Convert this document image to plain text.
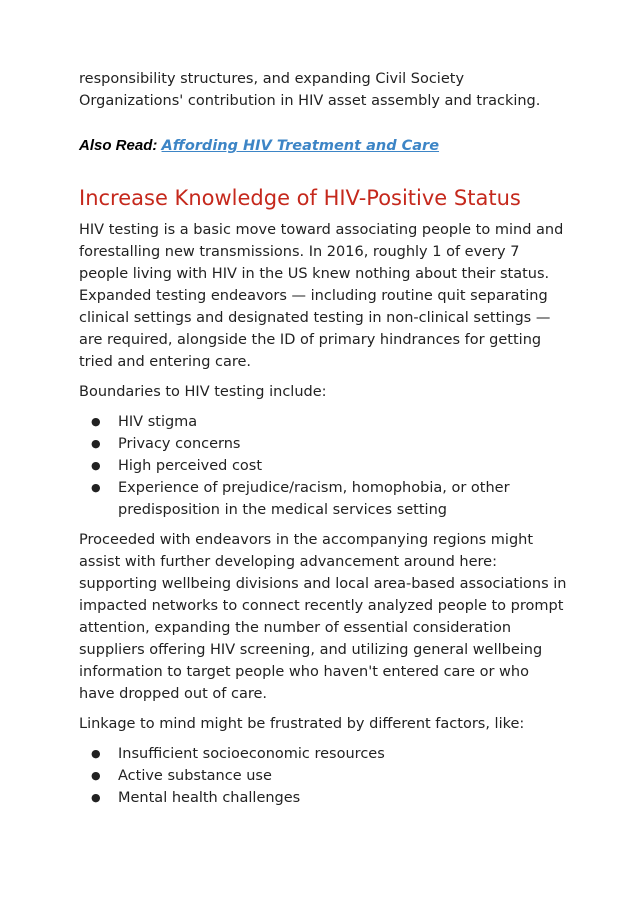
responsibility structures, and expanding Civil Society
Organizations' contribution in HIV asset assembly and tracking.

Also Read: Affording HIV Treatment and Care

Increase Knowledge of HIV-Positive Status

HIV testing is a basic move toward associating people to mind and
forestalling new transmissions. In 2016, roughly 1 of every 7
people living with HIV in the US knew nothing about their status.
Expanded testing endeavors — including routine quit separating
clinical settings and designated testing in non-clinical settings —
are required, alongside the ID of primary hindrances for getting
tried and entering care.

Boundaries to HIV testing include:

● HIV stigma
● Privacy concerns
● High perceived cost
● Experience of prejudice/racism, homophobia, or other
predisposition in the medical services setting

Proceeded with endeavors in the accompanying regions might
assist with further developing advancement around here:
supporting wellbeing divisions and local area-based associations in
impacted networks to connect recently analyzed people to prompt
attention, expanding the number of essential consideration
suppliers offering HIV screening, and utilizing general wellbeing
information to target people who haven't entered care or who
have dropped out of care.

Linkage to mind might be frustrated by different factors, like:

● Insufficient socioeconomic resources
● Active substance use
● Mental health challenges
